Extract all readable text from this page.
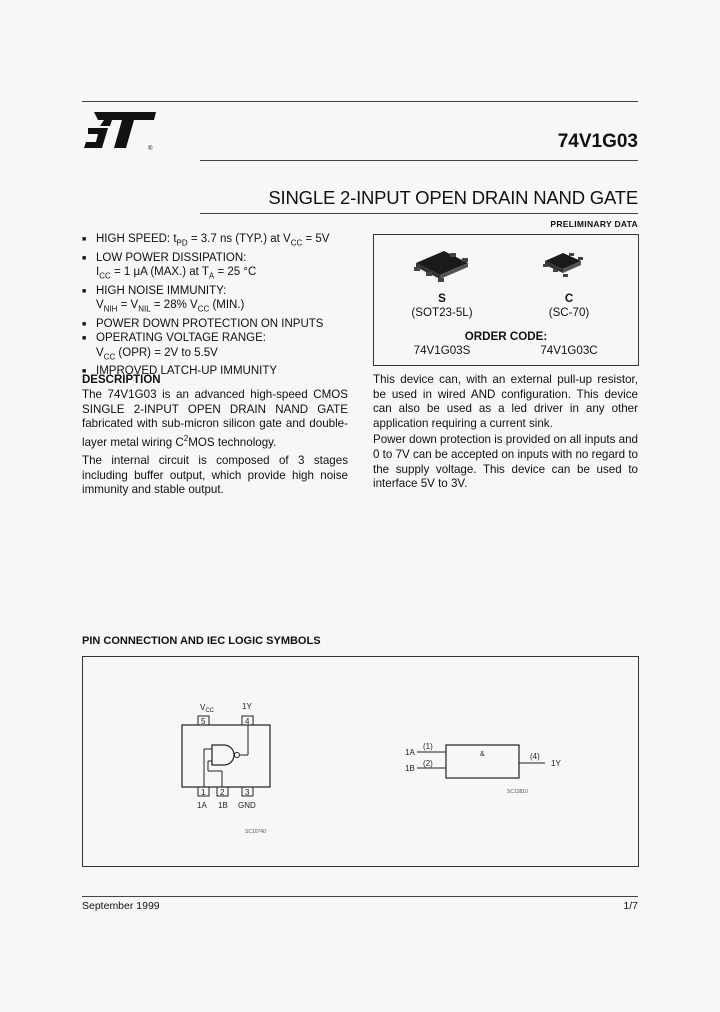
®	74V1G03
SINGLE 2-INPUT OPEN DRAIN NAND GATE
PRELIMINARY DATA
■ HIGH SPEED: $t_{PD} = 3.7$ ns (TYP.) at $V_{CC} = 5V$
■ LOW POWER DISSIPATION:
$I_{CC} = 1$ μA (MAX.) at $T_A = 25$ °C
■ HIGH NOISE IMMUNITY:
$V_{NIH} = V_{NIL} = 28\%$ $V_{CC}$ (MIN.)
■ POWER DOWN PROTECTION ON INPUTS
■ OPERATING VOLTAGE RANGE:
$V_{CC}$ (OPR) = 2V to 5.5V
■ IMPROVED LATCH-UP IMMUNITY
S
(SOT23-5L)
C
(SC-70)
ORDER CODE:
74V1G03S	74V1G03C
DESCRIPTION

The 74V1G03 is an advanced high-speed CMOS SINGLE 2-INPUT OPEN DRAIN NAND GATE fabricated with sub-micron silicon gate and double-layer metal wiring $C^2MOS$ technology.

The internal circuit is composed of 3 stages including buffer output, which provide high noise immunity and stable output.

This device can, with an external pull-up resistor, be used in wired AND configuration. This device can also be used as a led driver in any other application requiring a current sink.

Power down protection is provided on all inputs and 0 to 7V can be accepted on inputs with no regard to the supply voltage. This device can be used to interface 5V to 3V.

PIN CONNECTION AND IEC LOGIC SYMBOLS
$V_{CC}$	1Y
5	4
1 2	3
1A 1B GND
SC10740
1A
1B
(1)
(2)
&	(4)
1Y
SC13810
September 1999	1/7
